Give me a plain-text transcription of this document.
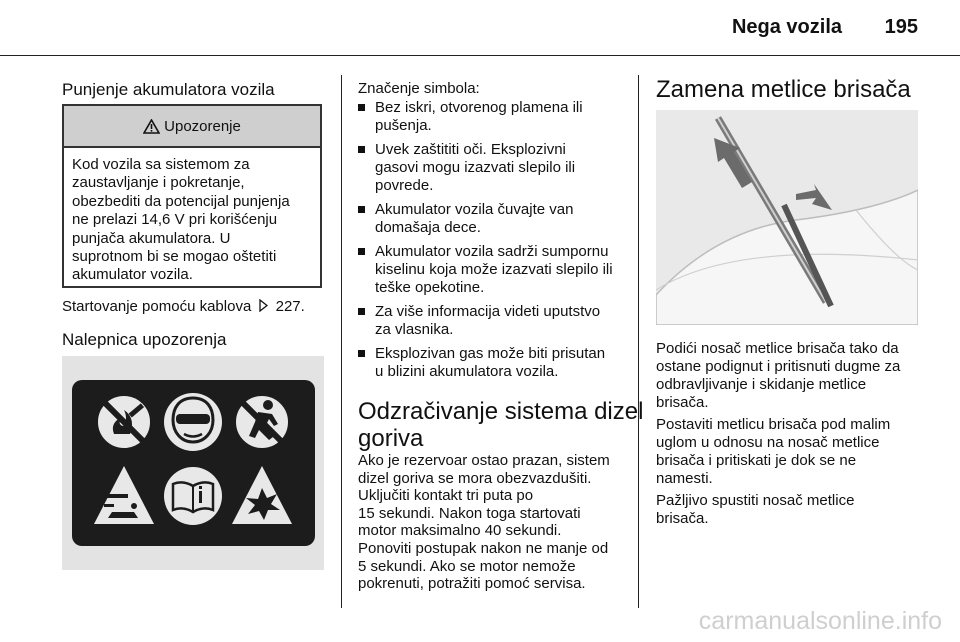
Nega vozila 195
Punjenje akumulatora vozila
Upozorenje
Kod vozila sa sistemom za
zaustavljanje i pokretanje,
obezbediti da potencijal punjenja
ne prelazi 14,6 V pri korišćenju
punjača akumulatora. U
suprotnom bi se mogao oštetiti
akumulator vozila.
Startovanje pomoću kablova 227.
Nalepnica upozorenja
Značenje simbola:
Bez iskri, otvorenog plamena ili
pušenja.
Uvek zaštititi oči. Eksplozivni
gasovi mogu izazvati slepilo ili
povrede.
Akumulator vozila čuvajte van
domašaja dece.
Akumulator vozila sadrži sumpornu
kiselinu koja može izazvati slepilo ili
teške opekotine.
Za više informacija videti uputstvo
za vlasnika.
Eksplozivan gas može biti prisutan
u blizini akumulatora vozila.
Odzračivanje sistema dizel
goriva
Ako je rezervoar ostao prazan, sistem
dizel goriva se mora obezvazdušiti.
Uključiti kontakt tri puta po
15 sekundi. Nakon toga startovati
motor maksimalno 40 sekundi.
Ponoviti postupak nakon ne manje od
5 sekundi. Ako se motor nemože
pokrenuti, potražiti pomoć servisa.
Zamena metlice brisača
Podići nosač metlice brisača tako da
ostane podignut i pritisnuti dugme za
odbravljivanje i skidanje metlice
brisača.
Postaviti metlicu brisača pod malim
uglom u odnosu na nosač metlice
brisača i pritiskati je dok se ne
namesti.
Pažljivo spustiti nosač metlice
brisača.
carmanualsonline.info
